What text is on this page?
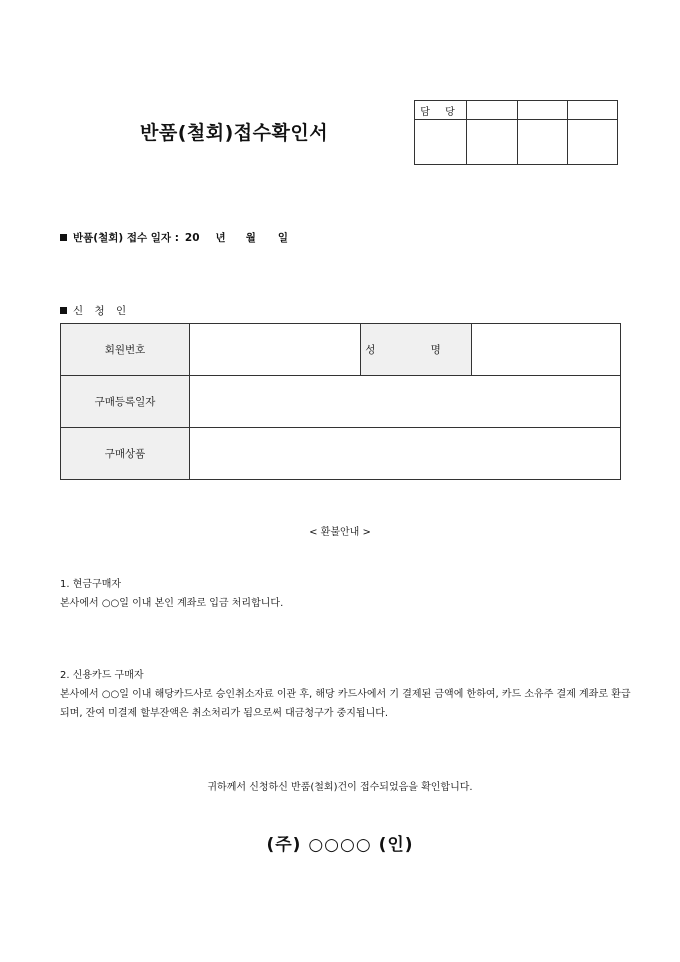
반품(철회)접수확인서
담 당			

반품(철회) 접수 일자 : 20 년 월 일
신 청 인
회원번호		성 명	
구매등록일자			
구매상품			
< 환불안내 >
1. 현금구매자
본사에서 ○○일 이내 본인 계좌로 입금 처리합니다.
2. 신용카드 구매자
본사에서 ○○일 이내 해당카드사로 승인취소자료 이관 후, 해당 카드사에서 기 결제된 금액에 한하여, 카드 소유주 결제 계좌로 환급되며, 잔여 미결제 할부잔액은 취소처리가 됨으로써 대금청구가 중지됩니다.
귀하께서 신청하신 반품(철회)건이 접수되었음을 확인합니다.
(주) ○○○○ (인)
